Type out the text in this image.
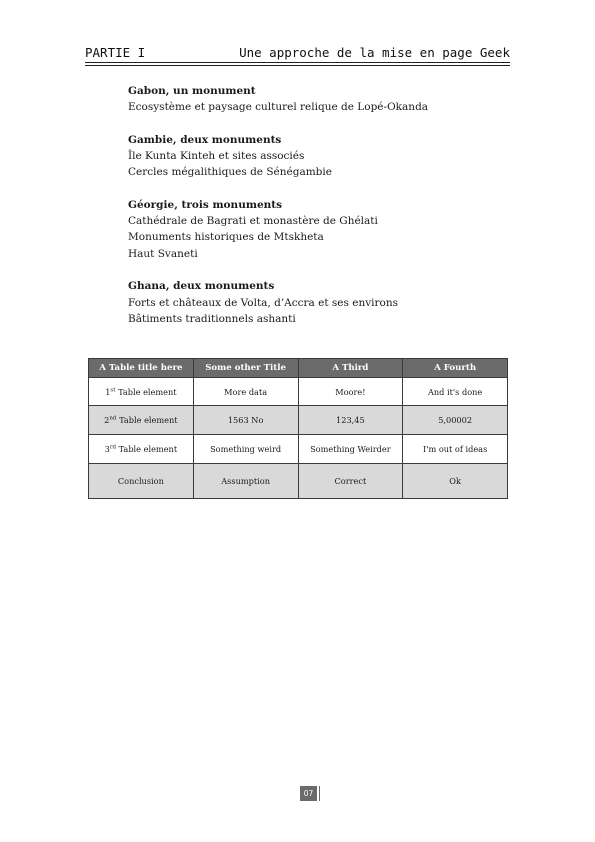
PARTIE I	Une approche de la mise en page Geek
Gabon, un monument
Ecosystème et paysage culturel relique de Lopé-Okanda
Gambie, deux monuments
Île Kunta Kinteh et sites associés
Cercles mégalithiques de Sénégambie
Géorgie, trois monuments
Cathédrale de Bagrati et monastère de Ghélati
Monuments historiques de Mtskheta
Haut Svaneti
Ghana, deux monuments
Forts et châteaux de Volta, d’Accra et ses environs
Bâtiments traditionnels ashanti
A Table title here	Some other Title	A Third	A Fourth
1st Table element	More data	Moore!	And it's done
2nd Table element	1563 No	123,45	5,00002
3rd Table element	Something weird	Something Weirder	I'm out of ideas
Conclusion	Assumption	Correct	Ok
07
